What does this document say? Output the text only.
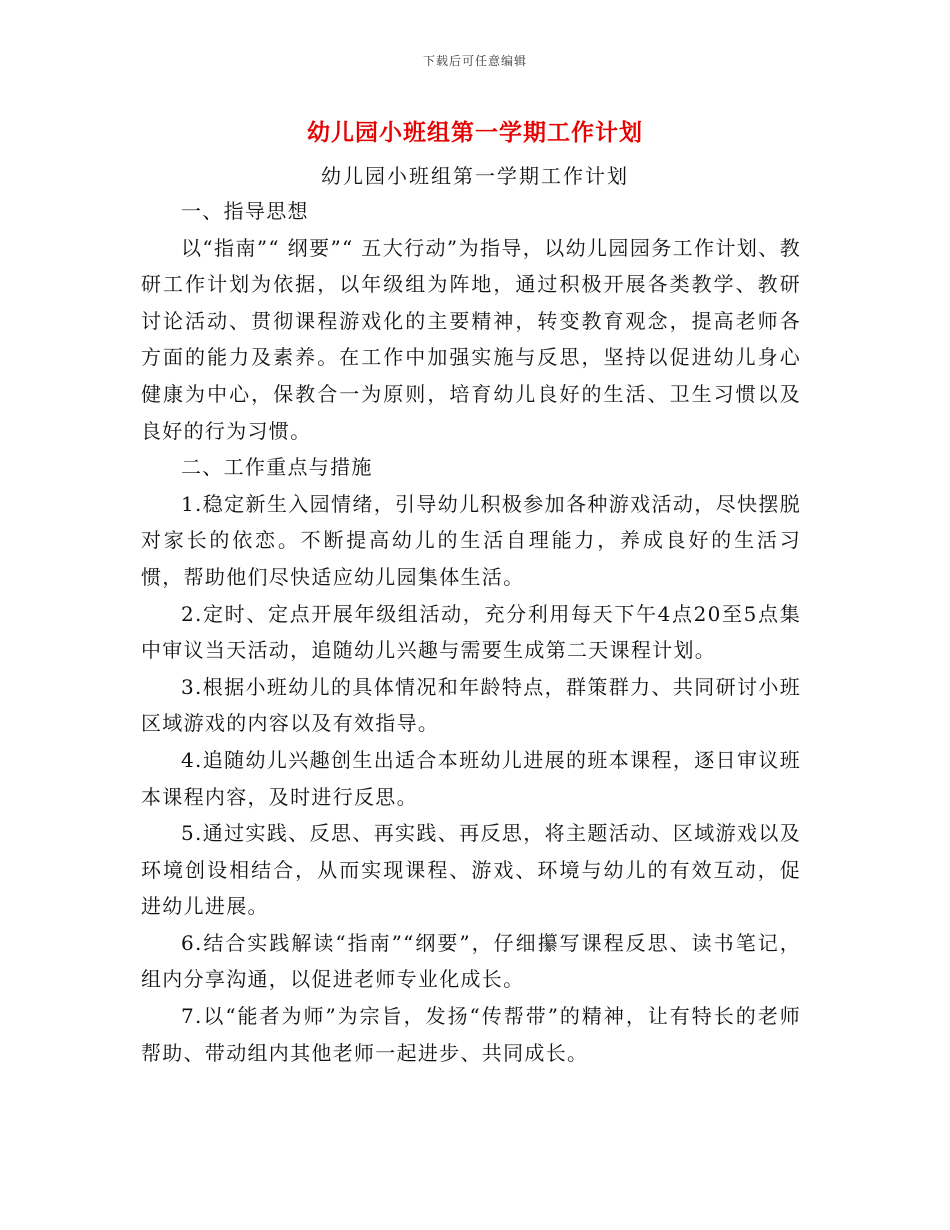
下载后可任意编辑
幼儿园小班组第一学期工作计划
幼儿园小班组第一学期工作计划

一、指导思想

以“指南”“ 纲要”“ 五大行动”为指导，以幼儿园园务工作计划、教研工作计划为依据，以年级组为阵地，通过积极开展各类教学、教研讨论活动、贯彻课程游戏化的主要精神，转变教育观念，提高老师各方面的能力及素养。在工作中加强实施与反思，坚持以促进幼儿身心健康为中心，保教合一为原则，培育幼儿良好的生活、卫生习惯以及良好的行为习惯。

二、工作重点与措施

1.稳定新生入园情绪，引导幼儿积极参加各种游戏活动，尽快摆脱对家长的依恋。不断提高幼儿的生活自理能力，养成良好的生活习惯，帮助他们尽快适应幼儿园集体生活。

2.定时、定点开展年级组活动，充分利用每天下午4点20至5点集中审议当天活动，追随幼儿兴趣与需要生成第二天课程计划。

3.根据小班幼儿的具体情况和年龄特点，群策群力、共同研讨小班区域游戏的内容以及有效指导。

4.追随幼儿兴趣创生出适合本班幼儿进展的班本课程，逐日审议班本课程内容，及时进行反思。

5.通过实践、反思、再实践、再反思，将主题活动、区域游戏以及环境创设相结合，从而实现课程、游戏、环境与幼儿的有效互动，促进幼儿进展。

6.结合实践解读“指南”“纲要”，仔细攥写课程反思、读书笔记，组内分享沟通，以促进老师专业化成长。

7.以“能者为师”为宗旨，发扬“传帮带”的精神，让有特长的老师帮助、带动组内其他老师一起进步、共同成长。
